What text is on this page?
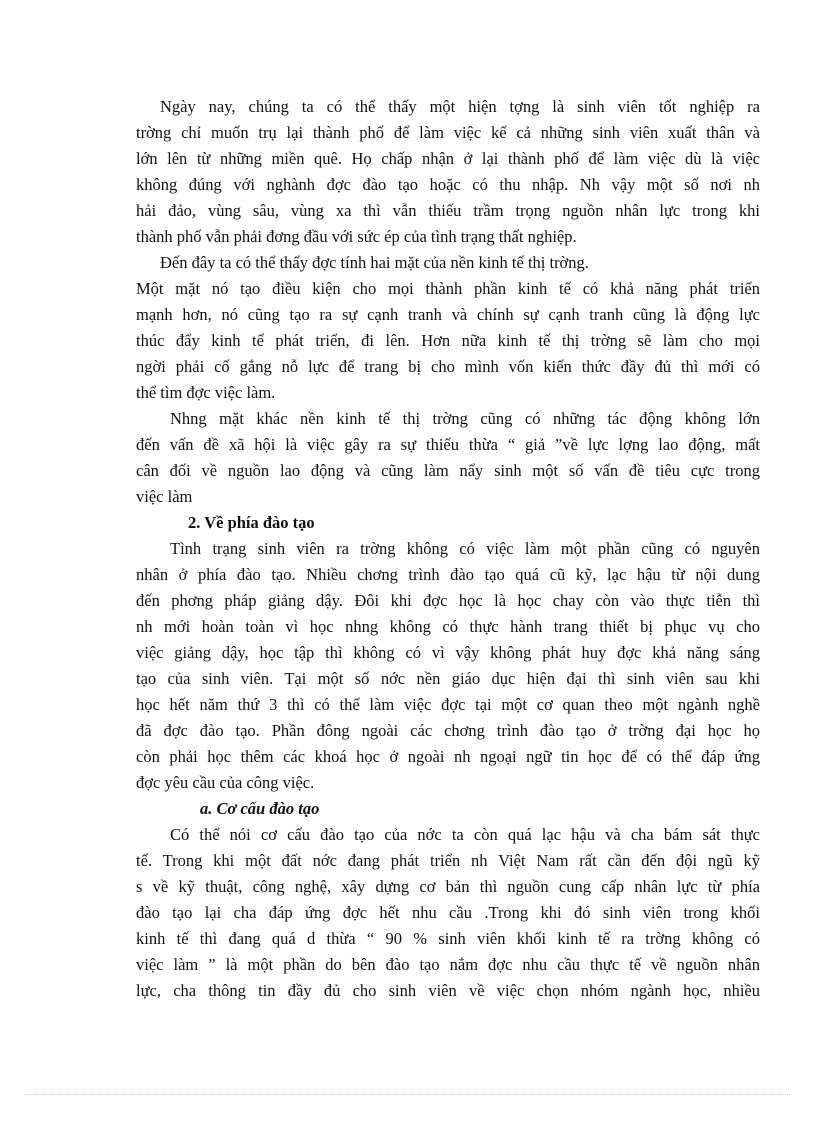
Ngày nay, chúng ta có thể thấy một hiện tợng là sinh viên tốt nghiệp ra
trờng chỉ muốn trụ lại thành phố để làm việc kể cả những sinh viên xuất thân và
lớn lên từ những miền quê. Họ chấp nhận ở lại thành phố để làm việc dù là việc
không đúng với nghành đợc đào tạo hoặc có thu nhập. Nh vậy một số nơi nh
hải đảo, vùng sâu, vùng xa thì vẫn thiếu trầm trọng nguồn nhân lực trong khi
thành phố vẫn phải đơng đầu với sức ép của tình trạng thất nghiệp.
Đến đây ta có thể thấy đợc tính hai mặt của nền kinh tế thị trờng.
Một mặt nó tạo điều kiện cho mọi thành phần kinh tế có khả năng phát triển
mạnh hơn, nó cũng tạo ra sự cạnh tranh và chính sự cạnh tranh cũng là động lực
thúc đẩy kinh tế phát triển, đi lên. Hơn nữa kinh tế thị trờng sẽ làm cho mọi
ngời phải cố gắng nỗ lực để trang bị cho mình vốn kiến thức đầy đủ thì mới có
thể tìm đợc việc làm.
Nhng mặt khác nền kinh tế thị trờng cũng có những tác động không lớn
đến vấn đề xã hội là việc gây ra sự thiếu thừa “ giả ”về lực lợng lao động, mất
cân đối về nguồn lao động và cũng làm nẩy sinh một số vấn đề tiêu cực trong
việc làm
2. Về phía đào tạo
Tình trạng sinh viên ra trờng không có việc làm một phần cũng có nguyên
nhân ở phía đào tạo. Nhiều chơng trình đào tạo quá cũ kỹ, lạc hậu từ nội dung
đến phơng pháp giảng dậy. Đôi khi đợc học là học chay còn vào thực tiễn thì
nh mới hoàn toàn vì học nhng không có thực hành trang thiết bị phục vụ cho
việc giảng dậy, học tập thì không có vì vậy không phát huy đợc khả năng sáng
tạo của sinh viên. Tại một số nớc nền giáo dục hiện đại thì sinh viên sau khi
học hết năm thứ 3 thì có thể làm việc đợc tại một cơ quan theo một ngành nghề
đã đợc đào tạo. Phần đông ngoài các chơng trình đào tạo ở trờng đại học họ
còn phải học thêm các khoá học ở ngoài nh ngoại ngữ tin học để có thể đáp ứng
đợc yêu cầu của công việc.
a. Cơ cấu đào tạo
Có thể nói cơ cấu đào tạo của nớc ta còn quá lạc hậu và cha bám sát thực
tế. Trong khi một đất nớc đang phát triển nh Việt Nam rất cần đến đội ngũ kỹ
s về kỹ thuật, công nghệ, xây dựng cơ bản thì nguồn cung cấp nhân lực từ phía
đào tạo lại cha đáp ứng đợc hết nhu cầu .Trong khi đó sinh viên trong khối
kinh tế thì đang quá d thừa “ 90 % sinh viên khối kinh tế ra trờng không có
việc làm ” là một phần do bên đào tạo nắm đợc nhu cầu thực tế về nguồn nhân
lực, cha thông tin đầy đủ cho sinh viên về việc chọn nhóm ngành học, nhiều
